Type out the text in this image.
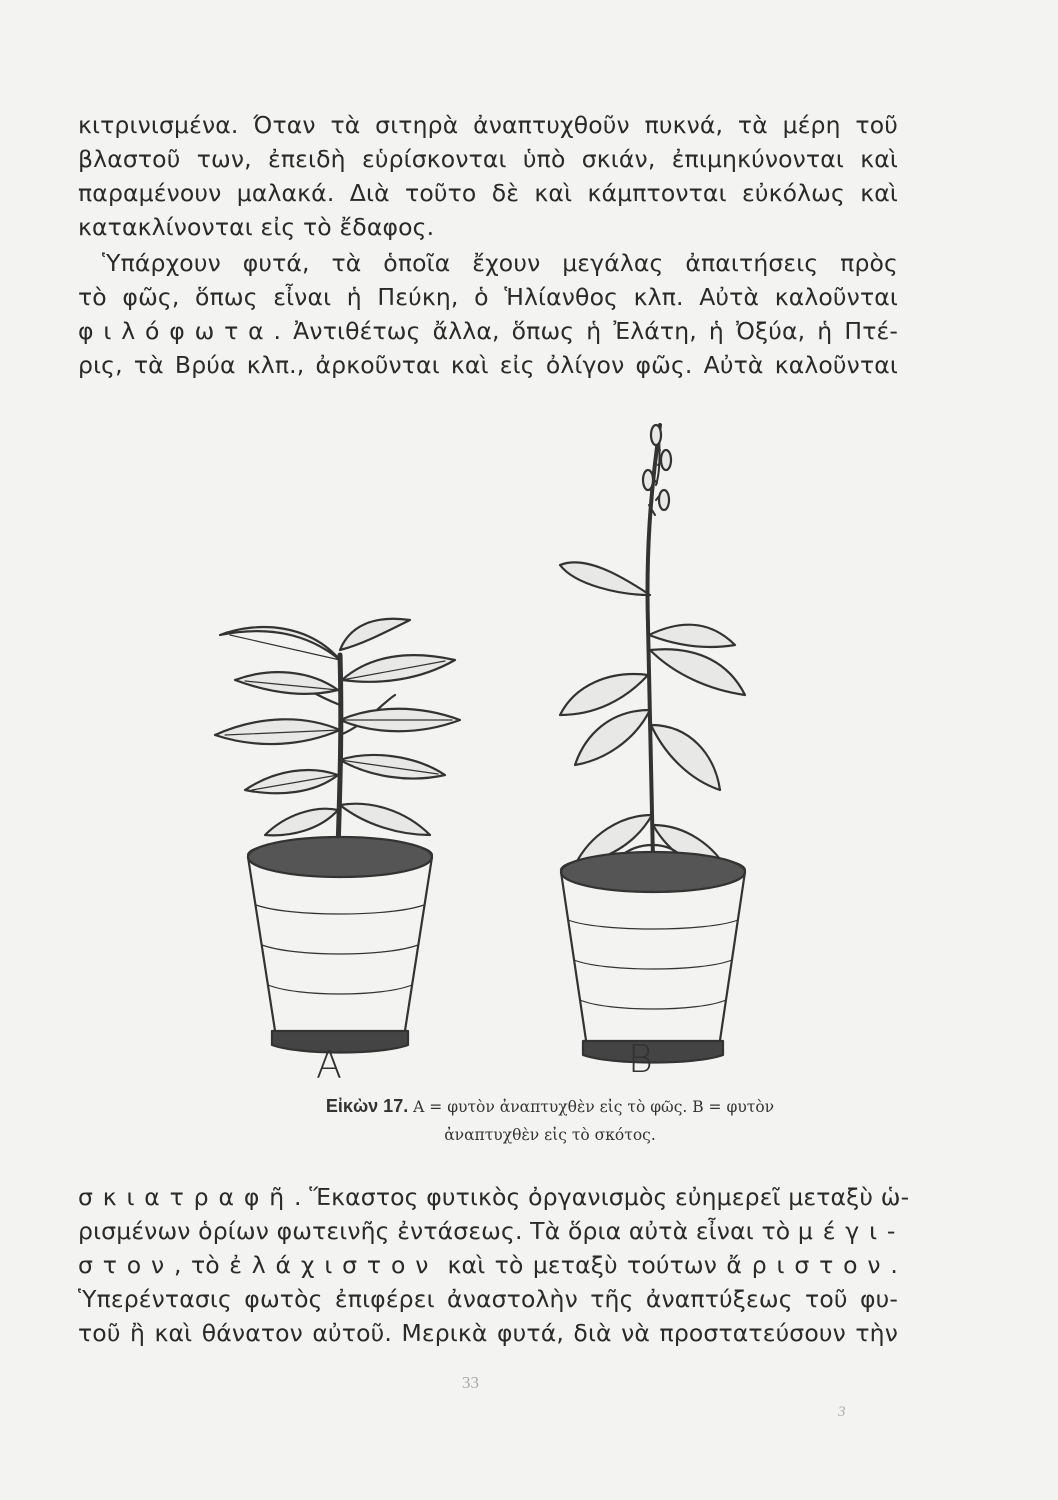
κιτρινισμένα. Όταν τὰ σιτηρὰ ἀναπτυχθοῦν πυκνά, τὰ μέρη τοῦ
βλαστοῦ των, ἐπειδὴ εὑρίσκονται ὑπὸ σκιάν, ἐπιμηκύνονται καὶ
παραμένουν μαλακά. Διὰ τοῦτο δὲ καὶ κάμπτονται εὐκόλως καὶ
κατακλίνονται εἰς τὸ ἔδαφος.

Ὑπάρχουν φυτά, τὰ ὁποῖα ἔχουν μεγάλας ἀπαιτήσεις πρὸς
τὸ φῶς, ὅπως εἶναι ἡ Πεύκη, ὁ Ἡλίανθος κλπ. Αὐτὰ καλοῦνται
φιλόφωτα. Ἀντιθέτως ἄλλα, ὅπως ἡ Ἐλάτη, ἡ Ὀξύα, ἡ Πτέ-
ρις, τὰ Βρύα κλπ., ἀρκοῦνται καὶ εἰς ὀλίγον φῶς. Αὐτὰ καλοῦνται

A	B
Εἰκὼν 17. A = φυτὸν ἀναπτυχθὲν εἰς τὸ φῶς. B = φυτὸν
ἀναπτυχθὲν εἰς τὸ σκότος.

σκιατραφῆ. Ἕκαστος φυτικὸς ὀργανισμὸς εὐημερεῖ μεταξὺ ὡ-
ρισμένων ὁρίων φωτεινῆς ἐντάσεως. Τὰ ὅρια αὐτὰ εἶναι τὸ μέγι-
στον, τὸ ἐλάχιστον καὶ τὸ μεταξὺ τούτων ἄριστον.
Ὑπερέντασις φωτὸς ἐπιφέρει ἀναστολὴν τῆς ἀναπτύξεως τοῦ φυ-
τοῦ ἢ καὶ θάνατον αὐτοῦ. Μερικὰ φυτά, διὰ νὰ προστατεύσουν τὴν

33
3
